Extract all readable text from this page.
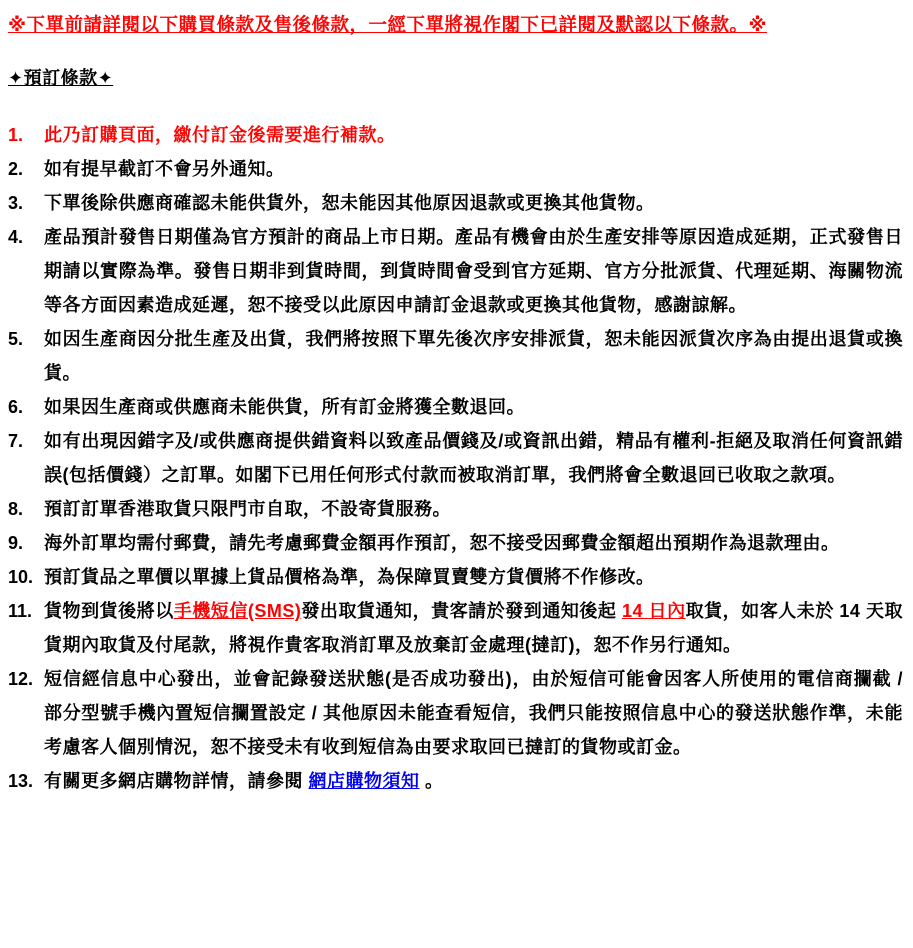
※下單前請詳閱以下購買條款及售後條款，一經下單將視作閣下已詳閱及默認以下條款。※
✦預訂條款✦
1.	此乃訂購頁面，繳付訂金後需要進行補款。
2.	如有提早截訂不會另外通知。
3.	下單後除供應商確認未能供貨外，恕未能因其他原因退款或更換其他貨物。
4.	產品預計發售日期僅為官方預計的商品上市日期。產品有機會由於生產安排等原因造成延期，正式發售日期請以實際為準。發售日期非到貨時間，到貨時間會受到官方延期、官方分批派貨、代理延期、海關物流等各方面因素造成延遲，恕不接受以此原因申請訂金退款或更換其他貨物，感謝諒解。
5.	如因生產商因分批生產及出貨，我們將按照下單先後次序安排派貨，恕未能因派貨次序為由提出退貨或換貨。
6.	如果因生產商或供應商未能供貨，所有訂金將獲全數退回。
7.	如有出現因錯字及/或供應商提供錯資料以致產品價錢及/或資訊出錯，精品有權利-拒絕及取消任何資訊錯誤(包括價錢）之訂單。如閣下已用任何形式付款而被取消訂單，我們將會全數退回已收取之款項。
8.	預訂訂單香港取貨只限門市自取，不設寄貨服務。
9.	海外訂單均需付郵費，請先考慮郵費金額再作預訂，恕不接受因郵費金額超出預期作為退款理由。
10. 預訂貨品之單價以單據上貨品價格為準，為保障買賣雙方貨價將不作修改。
11. 貨物到貨後將以手機短信(SMS)發出取貨通知，貴客請於發到通知後起 14 日內取貨，如客人未於 14 天取貨期內取貨及付尾款，將視作貴客取消訂單及放棄訂金處理(撻訂)，恕不作另行通知。
12. 短信經信息中心發出，並會記錄發送狀態(是否成功發出)，由於短信可能會因客人所使用的電信商攔截 / 部分型號手機內置短信攔置設定 / 其他原因未能查看短信，我們只能按照信息中心的發送狀態作準，未能考慮客人個別情況，恕不接受未有收到短信為由要求取回已撻訂的貨物或訂金。
13. 有關更多網店購物詳情，請參閱 網店購物須知 。
